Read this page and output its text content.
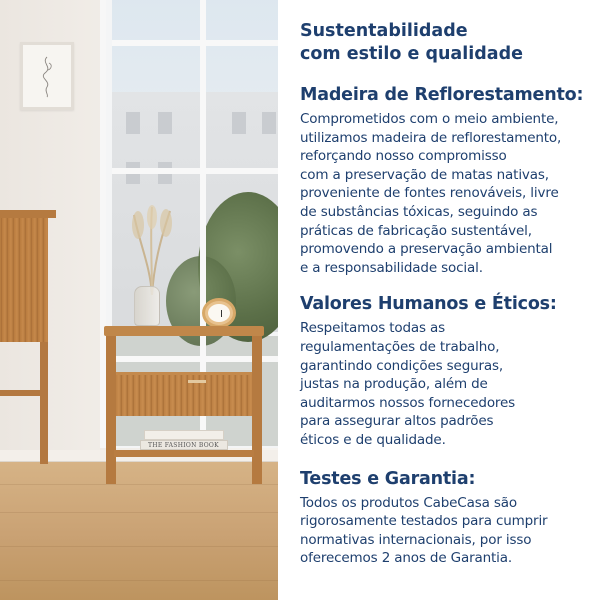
THE FASHION BOOK
Sustentabilidade
com estilo e qualidade
Madeira de Reflorestamento:
Comprometidos com o meio ambiente,
utilizamos madeira de reflorestamento,
reforçando nosso compromisso
com a preservação de matas nativas,
proveniente de fontes renováveis, livre
de substâncias tóxicas, seguindo as
práticas de fabricação sustentável,
promovendo a preservação ambiental
e a responsabilidade social.
Valores Humanos e Éticos:
Respeitamos todas as
regulamentações de trabalho,
garantindo condições seguras,
justas na produção, além de
auditarmos nossos fornecedores
para assegurar altos padrões
éticos e de qualidade.
Testes e Garantia:
Todos os produtos CabeCasa são
rigorosamente testados para cumprir
normativas internacionais, por isso
oferecemos 2 anos de Garantia.
